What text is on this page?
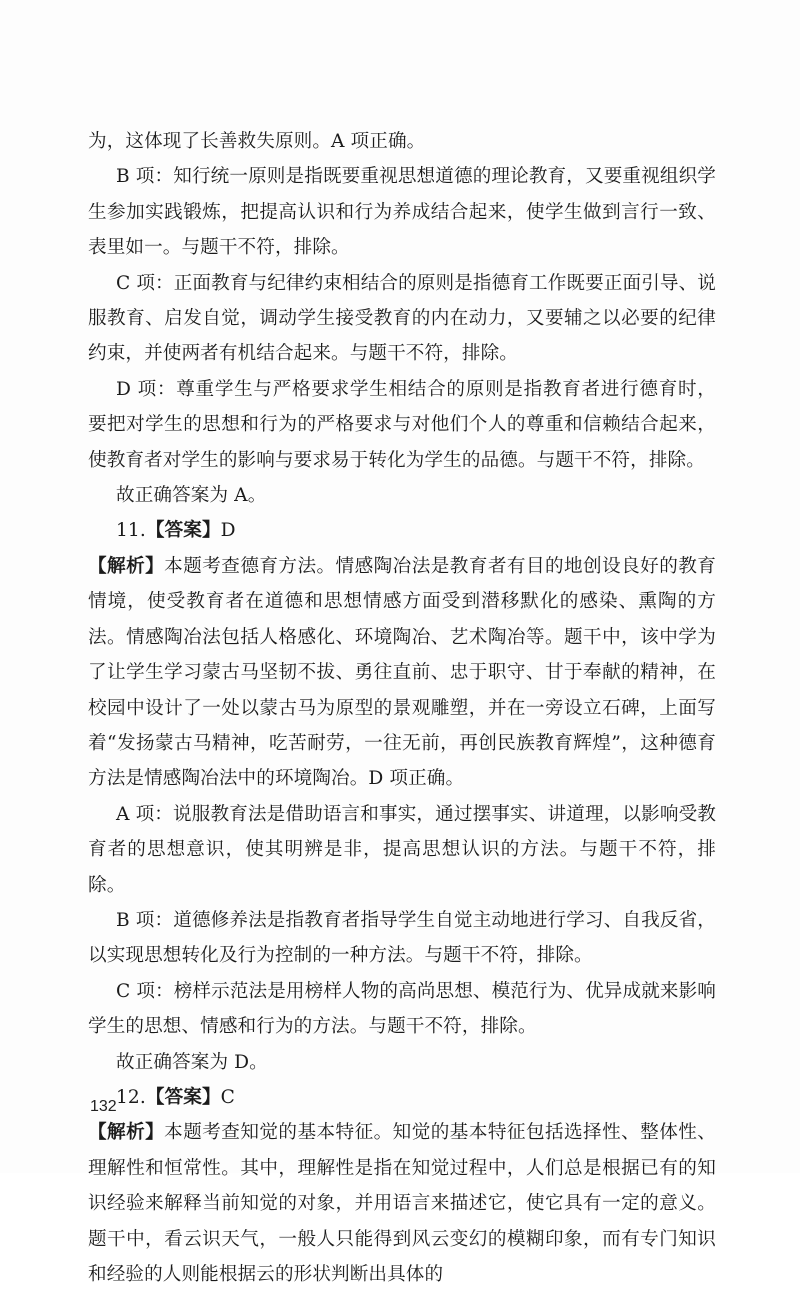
为，这体现了长善救失原则。A 项正确。

B 项：知行统一原则是指既要重视思想道德的理论教育，又要重视组织学生参加实践锻炼，把提高认识和行为养成结合起来，使学生做到言行一致、表里如一。与题干不符，排除。

C 项：正面教育与纪律约束相结合的原则是指德育工作既要正面引导、说服教育、启发自觉，调动学生接受教育的内在动力，又要辅之以必要的纪律约束，并使两者有机结合起来。与题干不符，排除。

D 项：尊重学生与严格要求学生相结合的原则是指教育者进行德育时，要把对学生的思想和行为的严格要求与对他们个人的尊重和信赖结合起来，使教育者对学生的影响与要求易于转化为学生的品德。与题干不符，排除。

故正确答案为 A。

11.【答案】D

【解析】本题考查德育方法。情感陶冶法是教育者有目的地创设良好的教育情境，使受教育者在道德和思想情感方面受到潜移默化的感染、熏陶的方法。情感陶冶法包括人格感化、环境陶冶、艺术陶冶等。题干中，该中学为了让学生学习蒙古马坚韧不拔、勇往直前、忠于职守、甘于奉献的精神，在校园中设计了一处以蒙古马为原型的景观雕塑，并在一旁设立石碑，上面写着“发扬蒙古马精神，吃苦耐劳，一往无前，再创民族教育辉煌”，这种德育方法是情感陶冶法中的环境陶冶。D 项正确。

A 项：说服教育法是借助语言和事实，通过摆事实、讲道理，以影响受教育者的思想意识，使其明辨是非，提高思想认识的方法。与题干不符，排除。

B 项：道德修养法是指教育者指导学生自觉主动地进行学习、自我反省，以实现思想转化及行为控制的一种方法。与题干不符，排除。

C 项：榜样示范法是用榜样人物的高尚思想、模范行为、优异成就来影响学生的思想、情感和行为的方法。与题干不符，排除。

故正确答案为 D。

12.【答案】C

【解析】本题考查知觉的基本特征。知觉的基本特征包括选择性、整体性、理解性和恒常性。其中，理解性是指在知觉过程中，人们总是根据已有的知识经验来解释当前知觉的对象，并用语言来描述它，使它具有一定的意义。题干中，看云识天气，一般人只能得到风云变幻的模糊印象，而有专门知识和经验的人则能根据云的形状判断出具体的

132
